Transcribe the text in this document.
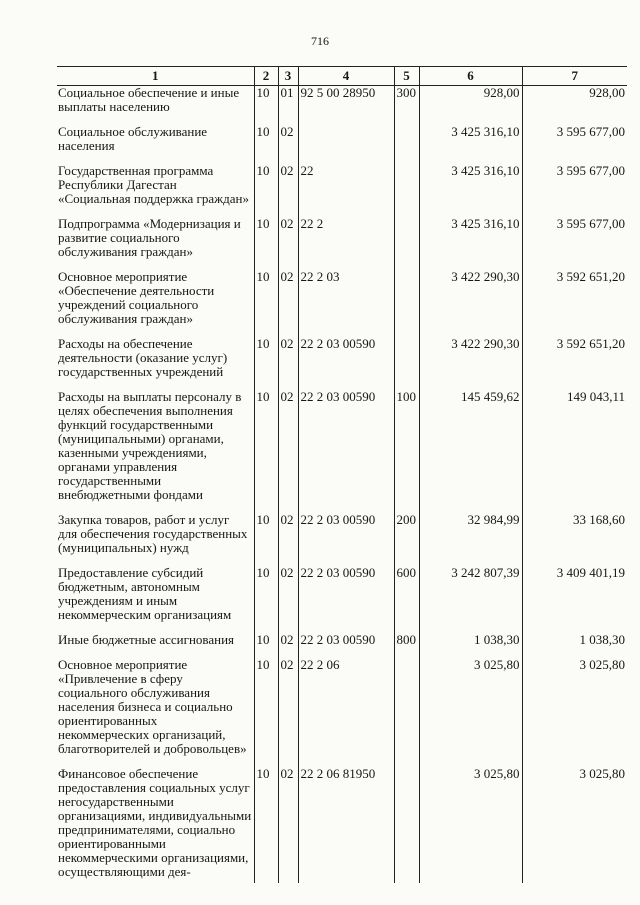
716
1	2	3	4	5	6	7
Социальное обеспечение и иные выплаты населению	10	01	92 5 00 28950	300	928,00	928,00
Социальное обслуживание населения	10	02			3 425 316,10	3 595 677,00
Государственная программа Республики Дагестан «Социальная поддержка граждан»	10	02	22		3 425 316,10	3 595 677,00
Подпрограмма «Модернизация и развитие социального обслуживания граждан»	10	02	22 2		3 425 316,10	3 595 677,00
Основное мероприятие «Обеспечение деятельности учреждений социального обслуживания граждан»	10	02	22 2 03		3 422 290,30	3 592 651,20
Расходы на обеспечение деятельности (оказание услуг) государственных учреждений	10	02	22 2 03 00590		3 422 290,30	3 592 651,20
Расходы на выплаты персоналу в целях обеспечения выполнения функций государственными (муниципальными) органами, казенными учреждениями, органами управления государственными внебюджетными фондами	10	02	22 2 03 00590	100	145 459,62	149 043,11
Закупка товаров, работ и услуг для обеспечения государственных (муниципальных) нужд	10	02	22 2 03 00590	200	32 984,99	33 168,60
Предоставление субсидий бюджетным, автономным учреждениям и иным некоммерческим организациям	10	02	22 2 03 00590	600	3 242 807,39	3 409 401,19
Иные бюджетные ассигнования	10	02	22 2 03 00590	800	1 038,30	1 038,30
Основное мероприятие «Привлечение в сферу социального обслуживания населения бизнеса и социально ориентированных некоммерческих организаций, благотворителей и добровольцев»	10	02	22 2 06		3 025,80	3 025,80
Финансовое обеспечение предоставления социальных услуг негосударственными организациями, индивидуальными предпринимателями, социально ориентированными некоммерческими организациями, осуществляющими дея-	10	02	22 2 06 81950		3 025,80	3 025,80
